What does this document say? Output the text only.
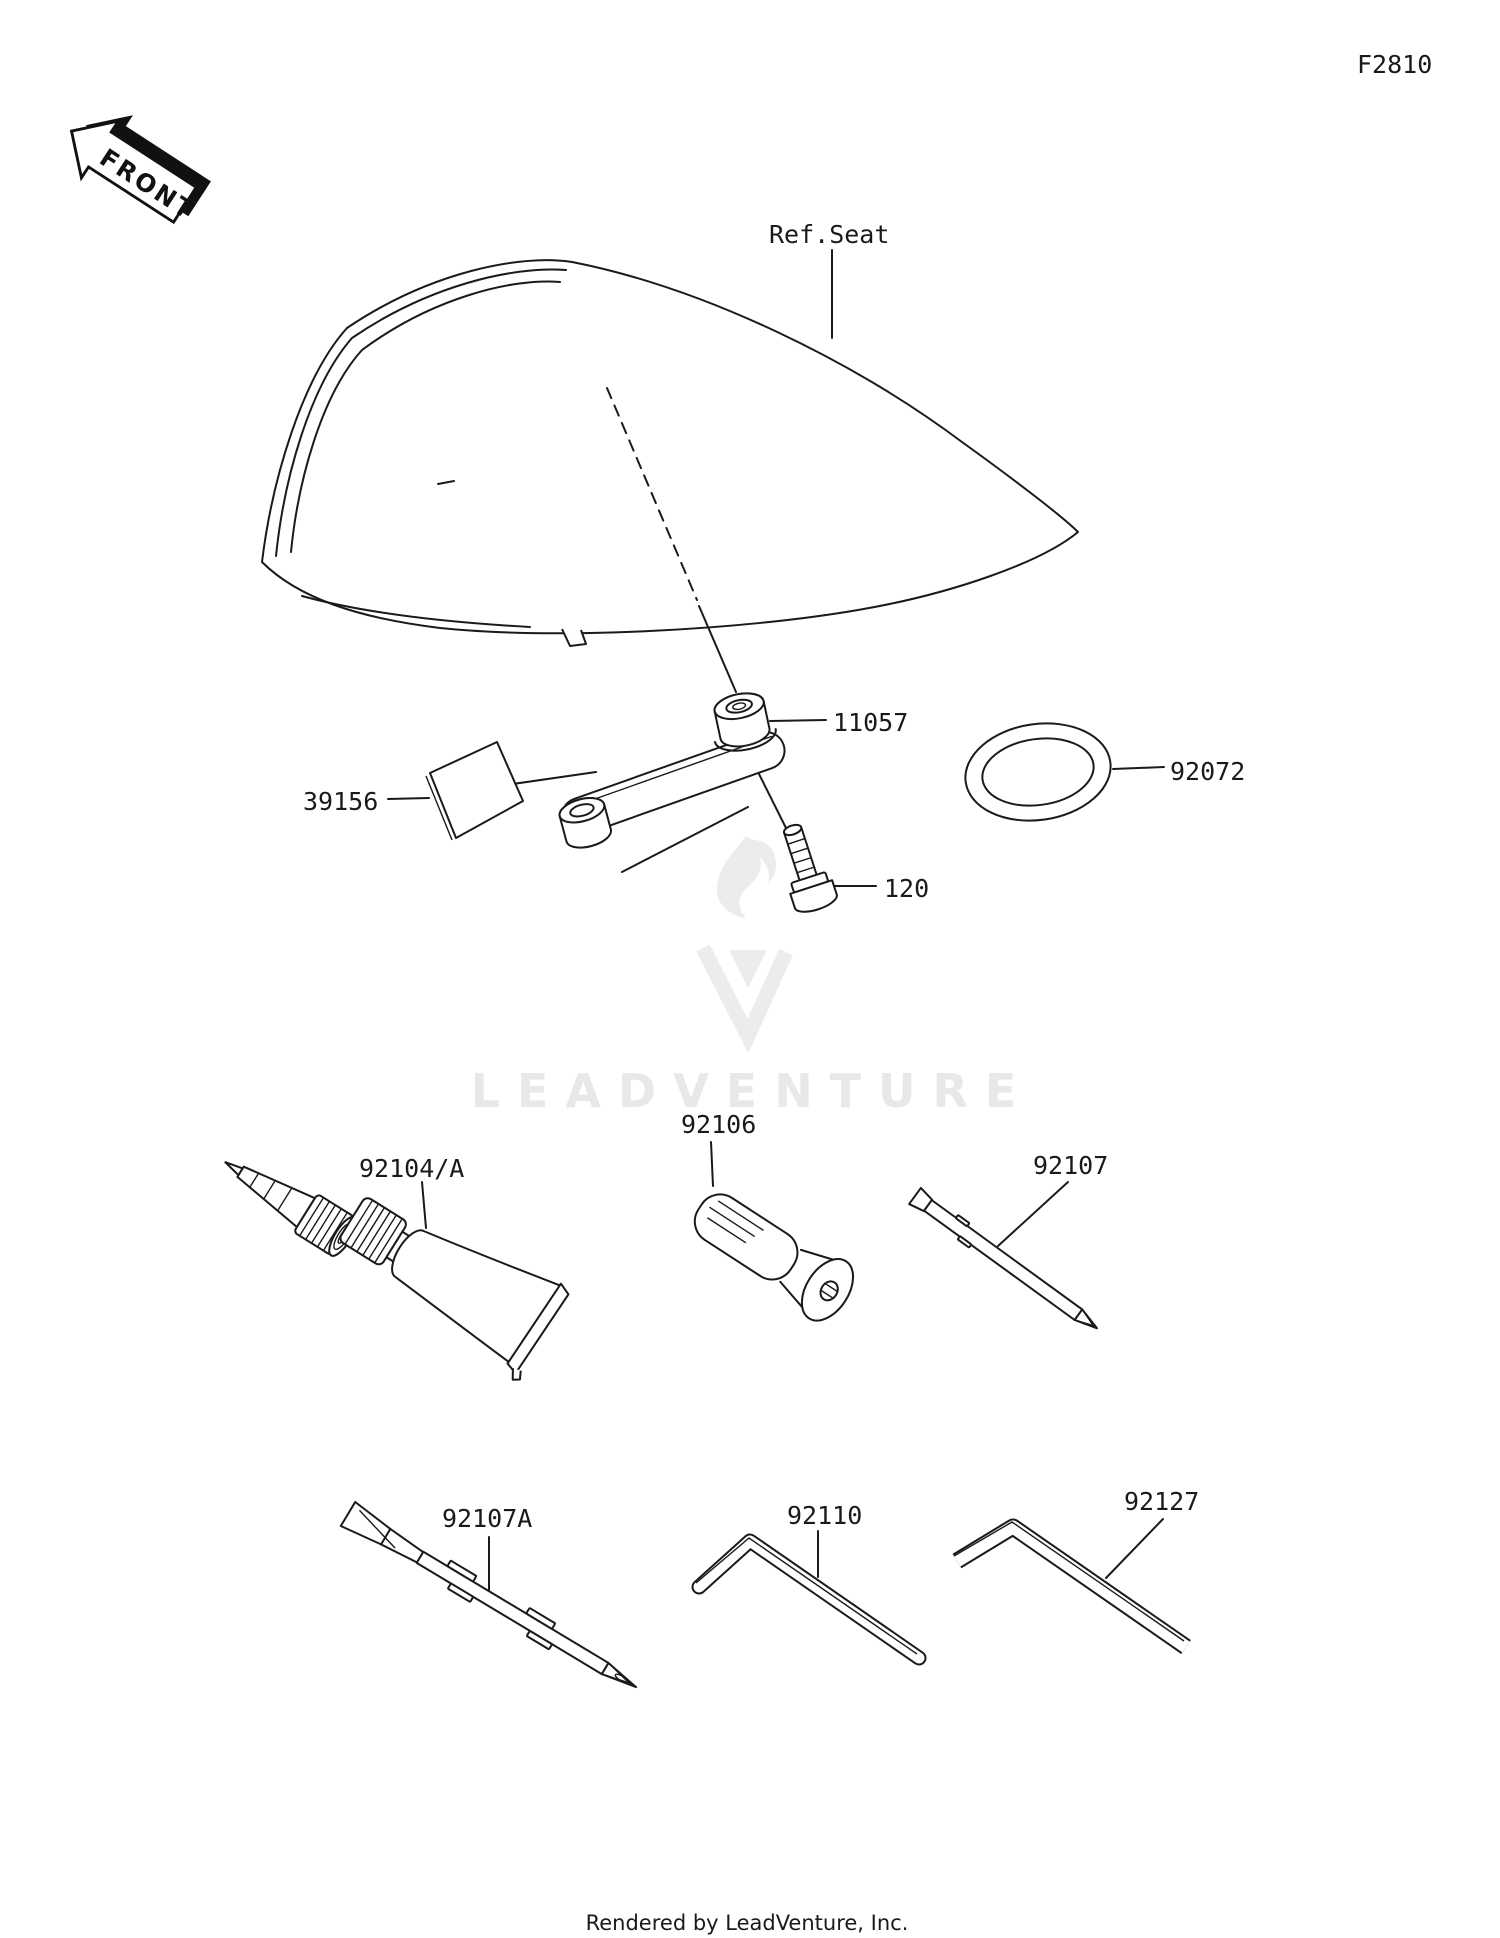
LEADVENTURE
FRONT
F2810
Ref.Seat
11057
39156
92072
120
92104/A
92106
92107
92107A	92110	92127
Rendered by LeadVenture, Inc.
